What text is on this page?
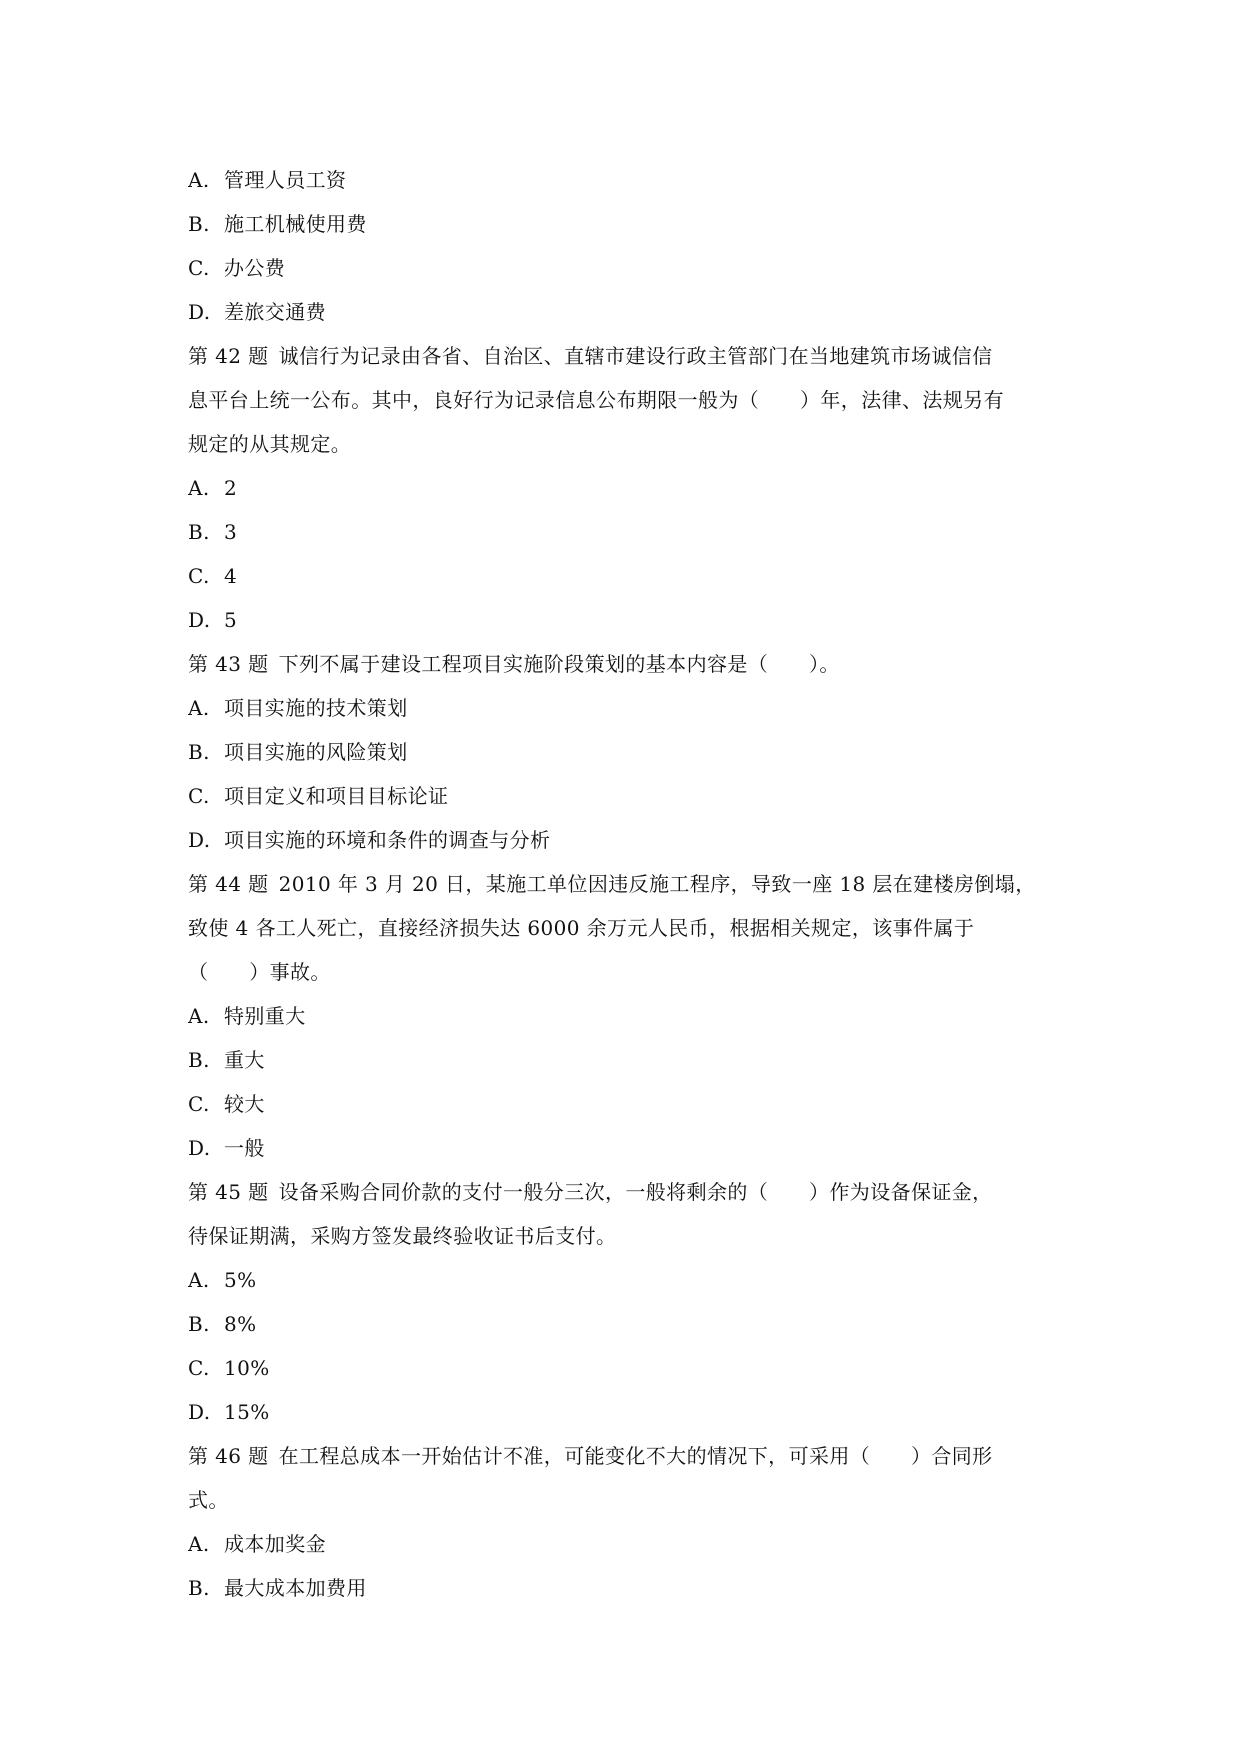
A. 管理人员工资
B. 施工机械使用费
C. 办公费
D. 差旅交通费
第 42 题 诚信行为记录由各省、自治区、直辖市建设行政主管部门在当地建筑市场诚信信
息平台上统一公布。其中，良好行为记录信息公布期限一般为（　　）年，法律、法规另有
规定的从其规定。
A. 2
B. 3
C. 4
D. 5
第 43 题 下列不属于建设工程项目实施阶段策划的基本内容是（　　）。
A. 项目实施的技术策划
B. 项目实施的风险策划
C. 项目定义和项目目标论证
D. 项目实施的环境和条件的调查与分析
第 44 题 2010 年 3 月 20 日，某施工单位因违反施工程序，导致一座 18 层在建楼房倒塌，
致使 4 各工人死亡，直接经济损失达 6000 余万元人民币，根据相关规定，该事件属于
（　　）事故。
A. 特别重大
B. 重大
C. 较大
D. 一般
第 45 题 设备采购合同价款的支付一般分三次，一般将剩余的（　　）作为设备保证金，
待保证期满，采购方签发最终验收证书后支付。
A. 5%
B. 8%
C. 10%
D. 15%
第 46 题 在工程总成本一开始估计不准，可能变化不大的情况下，可采用（　　）合同形
式。
A. 成本加奖金
B. 最大成本加费用
